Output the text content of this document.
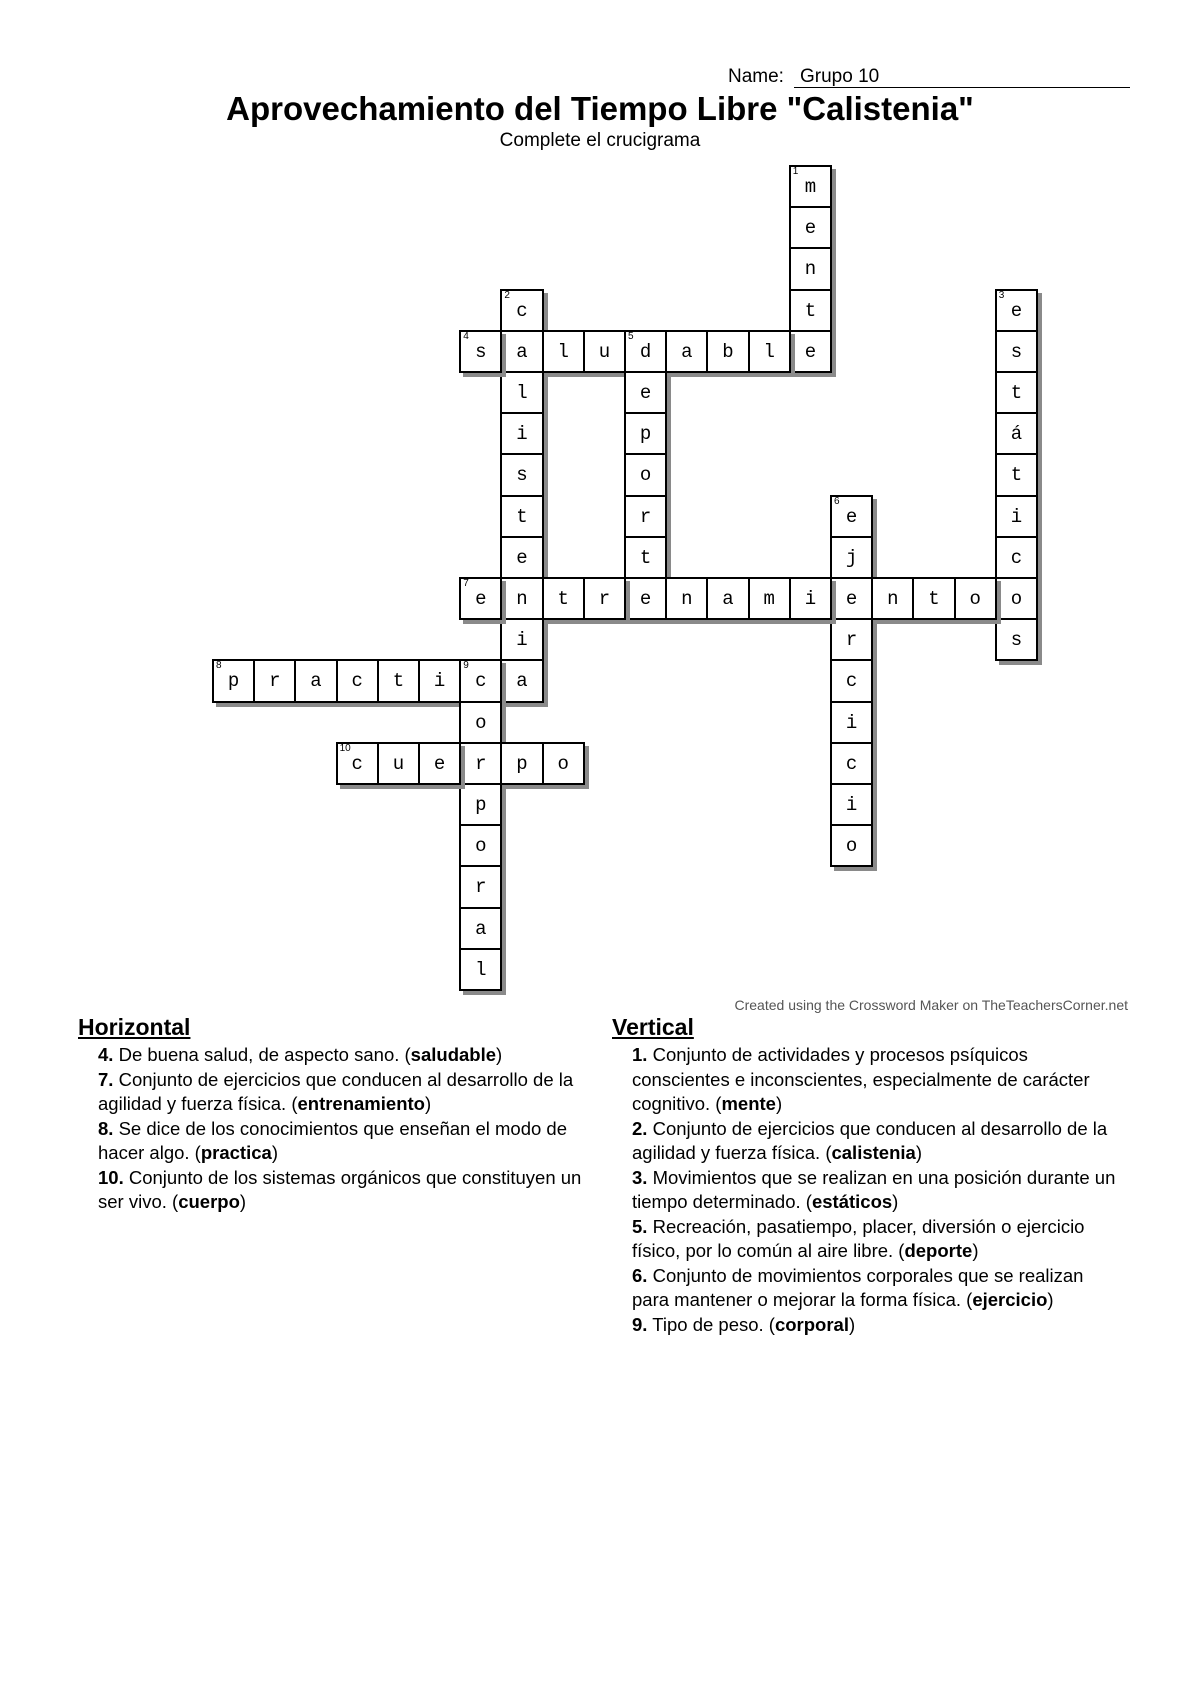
Name: Grupo 10
Aprovechamiento del Tiempo Libre "Calistenia"
Complete el crucigrama
m
1
e
n
t
e
c
2
a
l
i
s
t
e
n
i
a
e
3
s
t
á
t
i
c
o
s
s
4
l	u	d
5
a	b	l
e
p
o
r
t
e
e
6
j
e
r
c
i
c
i
o
e
7
t	r	n	a	m	i	n	t	o
p
8
r	a	c	t	i	c
9
o
r
p
o
r
a
l
c
10
u	e	p	o
Created using the Crossword Maker on TheTeachersCorner.net
Horizontal
4. De buena salud, de aspecto sano. (saludable)
7. Conjunto de ejercicios que conducen al desarrollo de la agilidad y fuerza física. (entrenamiento)
8. Se dice de los conocimientos que enseñan el modo de hacer algo. (practica)
10. Conjunto de los sistemas orgánicos que constituyen un ser vivo. (cuerpo)
Vertical
1. Conjunto de actividades y procesos psíquicos conscientes e inconscientes, especialmente de carácter cognitivo. (mente)
2. Conjunto de ejercicios que conducen al desarrollo de la agilidad y fuerza física. (calistenia)
3. Movimientos que se realizan en una posición durante un tiempo determinado. (estáticos)
5. Recreación, pasatiempo, placer, diversión o ejercicio físico, por lo común al aire libre. (deporte)
6. Conjunto de movimientos corporales que se realizan para mantener o mejorar la forma física. (ejercicio)
9. Tipo de peso. (corporal)
